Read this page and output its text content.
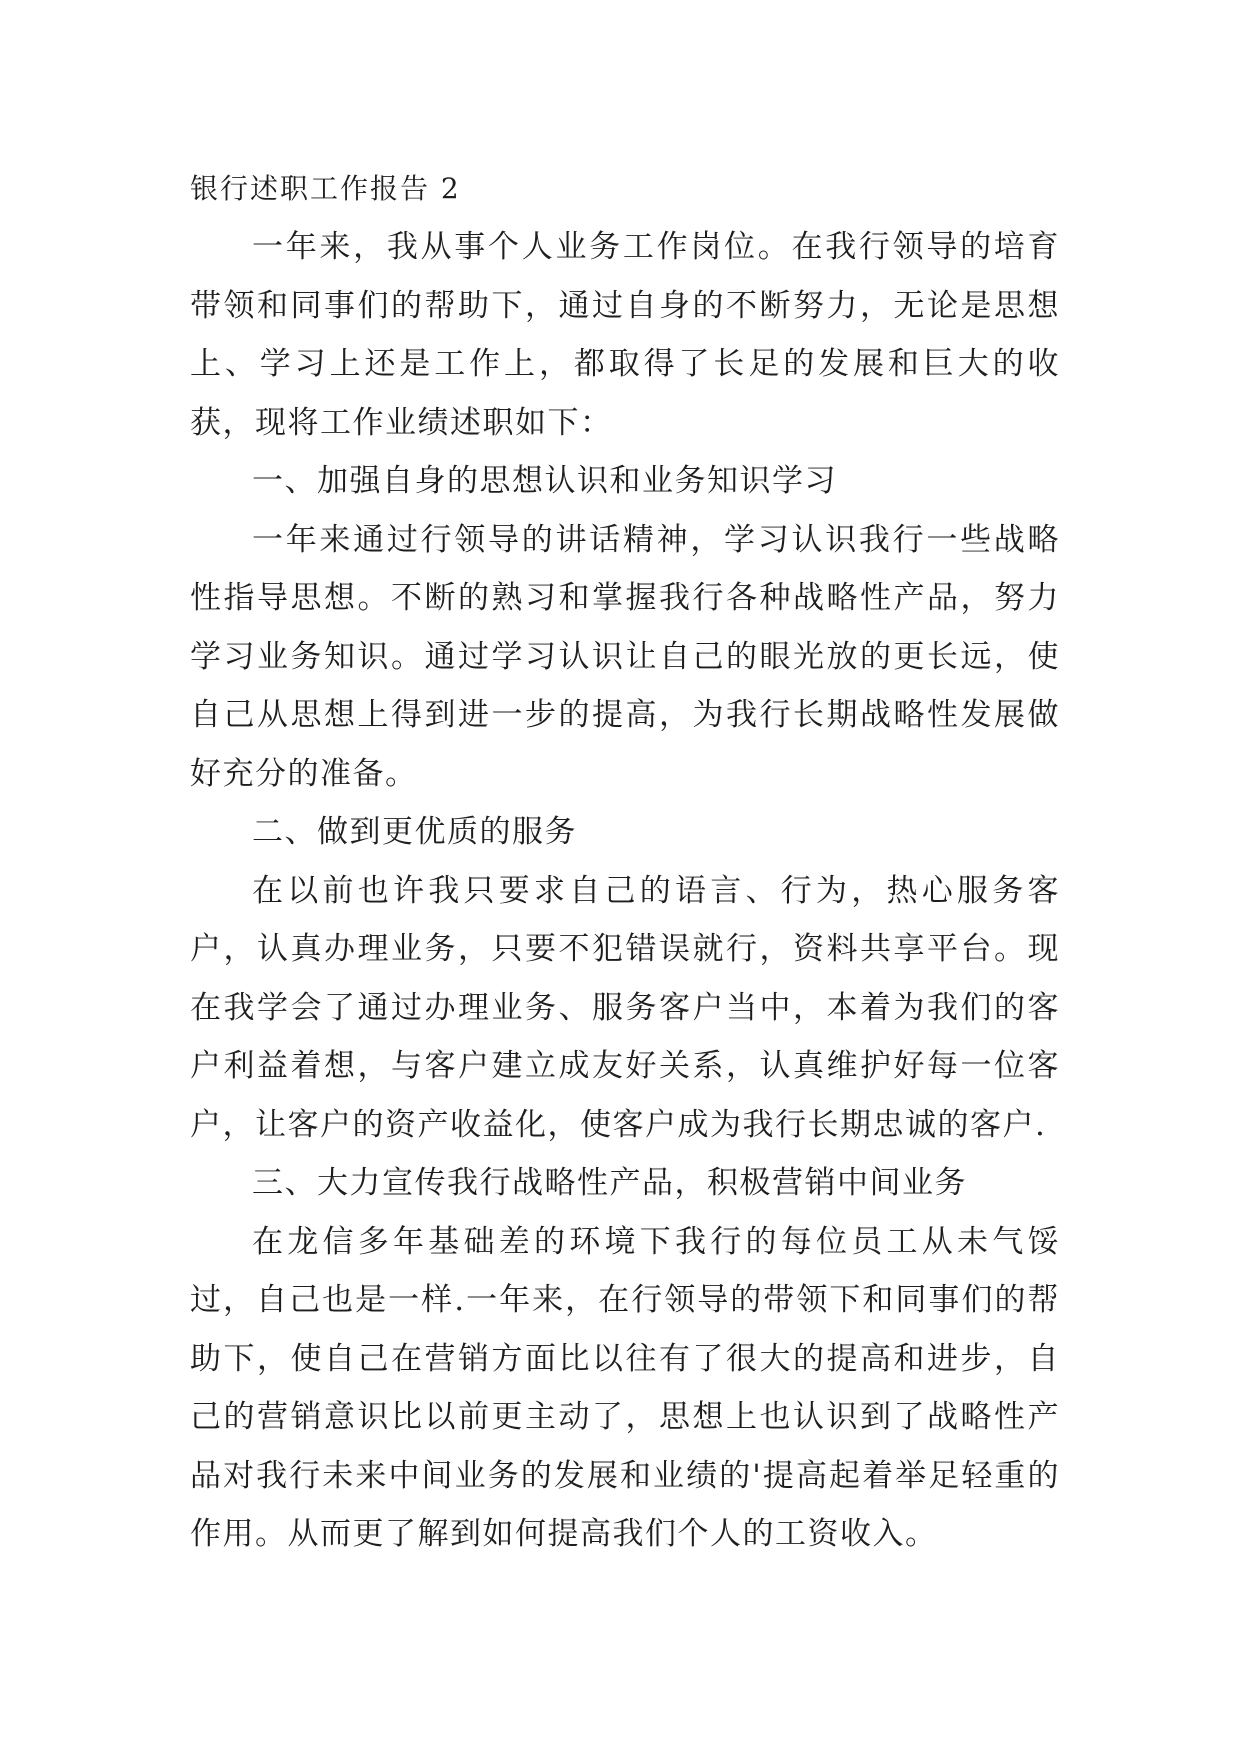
银行述职工作报告 2

一年来，我从事个人业务工作岗位。在我行领导的培育带领和同事们的帮助下，通过自身的不断努力，无论是思想上、学习上还是工作上，都取得了长足的发展和巨大的收获，现将工作业绩述职如下：

一、加强自身的思想认识和业务知识学习

一年来通过行领导的讲话精神，学习认识我行一些战略性指导思想。不断的熟习和掌握我行各种战略性产品，努力学习业务知识。通过学习认识让自己的眼光放的更长远，使自己从思想上得到进一步的提高，为我行长期战略性发展做好充分的准备。

二、做到更优质的服务

在以前也许我只要求自己的语言、行为，热心服务客户，认真办理业务，只要不犯错误就行，资料共享平台。现在我学会了通过办理业务、服务客户当中，本着为我们的客户利益着想，与客户建立成友好关系，认真维护好每一位客户，让客户的资产收益化，使客户成为我行长期忠诚的客户.

三、大力宣传我行战略性产品，积极营销中间业务

在龙信多年基础差的环境下我行的每位员工从未气馁过，自己也是一样.一年来，在行领导的带领下和同事们的帮助下，使自己在营销方面比以往有了很大的提高和进步，自己的营销意识比以前更主动了，思想上也认识到了战略性产品对我行未来中间业务的发展和业绩的'提高起着举足轻重的作用。从而更了解到如何提高我们个人的工资收入。
